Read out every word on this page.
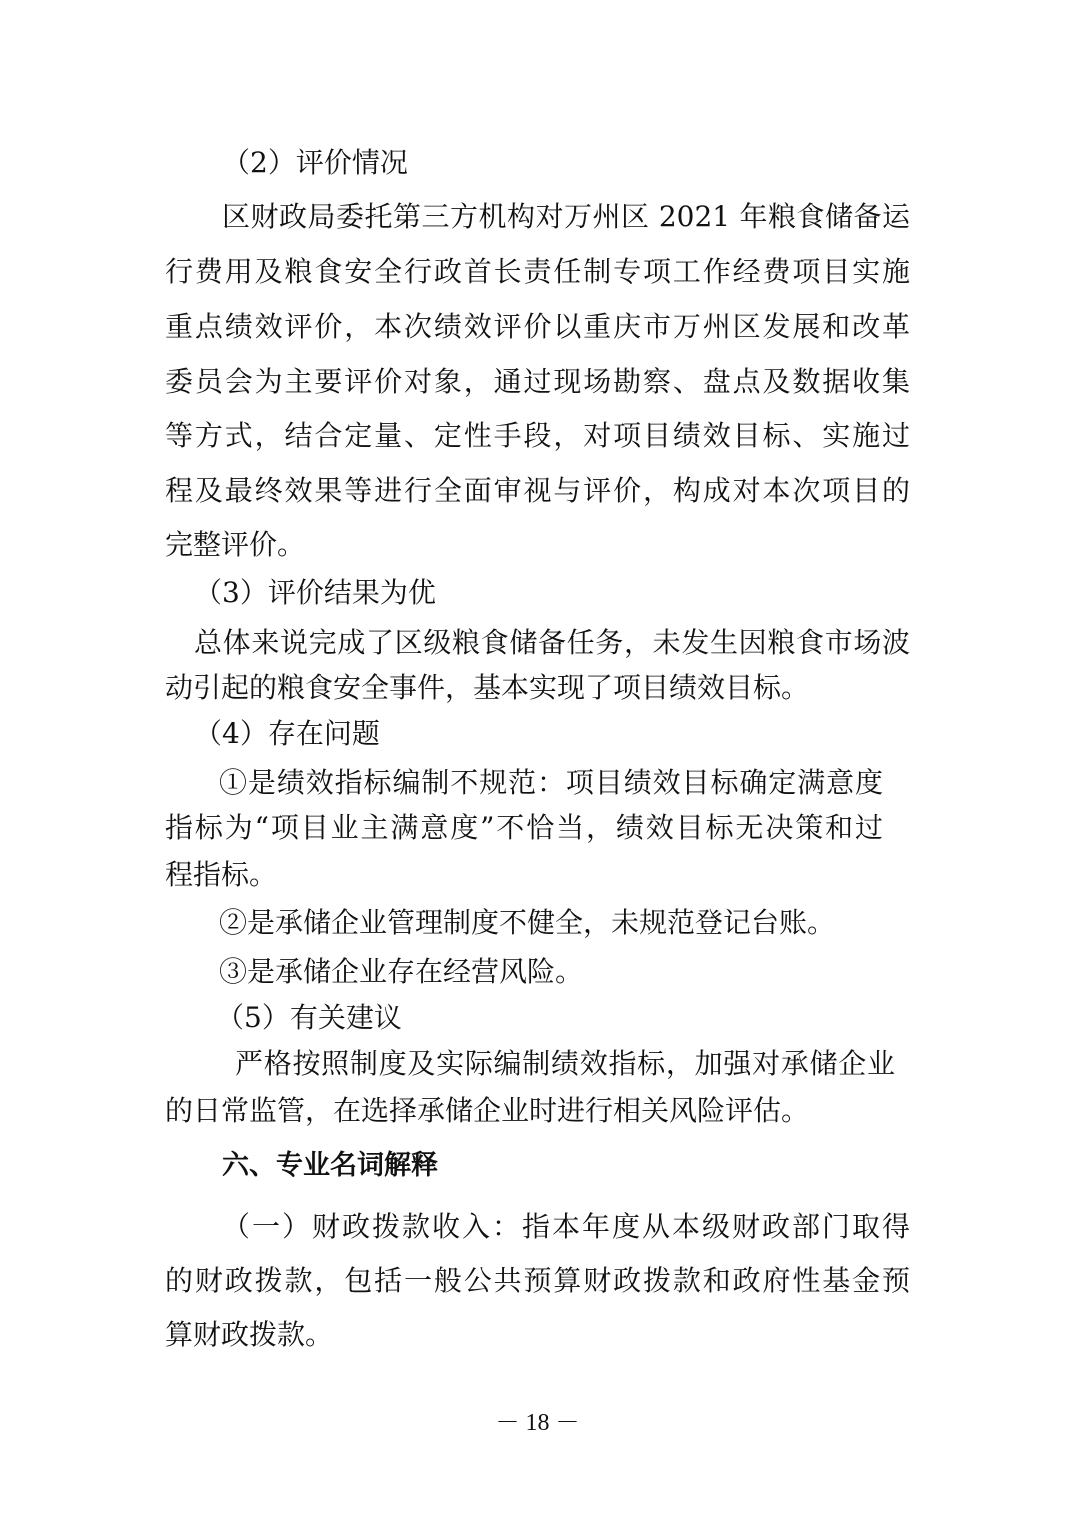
（2）评价情况
区财政局委托第三方机构对万州区 2021 年粮食储备运
行费用及粮食安全行政首长责任制专项工作经费项目实施
重点绩效评价，本次绩效评价以重庆市万州区发展和改革
委员会为主要评价对象，通过现场勘察、盘点及数据收集
等方式，结合定量、定性手段，对项目绩效目标、实施过
程及最终效果等进行全面审视与评价，构成对本次项目的
完整评价。
（3）评价结果为优
总体来说完成了区级粮食储备任务，未发生因粮食市场波
动引起的粮食安全事件，基本实现了项目绩效目标。
（4）存在问题
①是绩效指标编制不规范：项目绩效目标确定满意度
指标为“项目业主满意度”不恰当，绩效目标无决策和过
程指标。
②是承储企业管理制度不健全，未规范登记台账。
③是承储企业存在经营风险。
（5）有关建议
严格按照制度及实际编制绩效指标，加强对承储企业
的日常监管，在选择承储企业时进行相关风险评估。
六、专业名词解释
（一）财政拨款收入：指本年度从本级财政部门取得
的财政拨款，包括一般公共预算财政拨款和政府性基金预
算财政拨款。
－ 18 －
